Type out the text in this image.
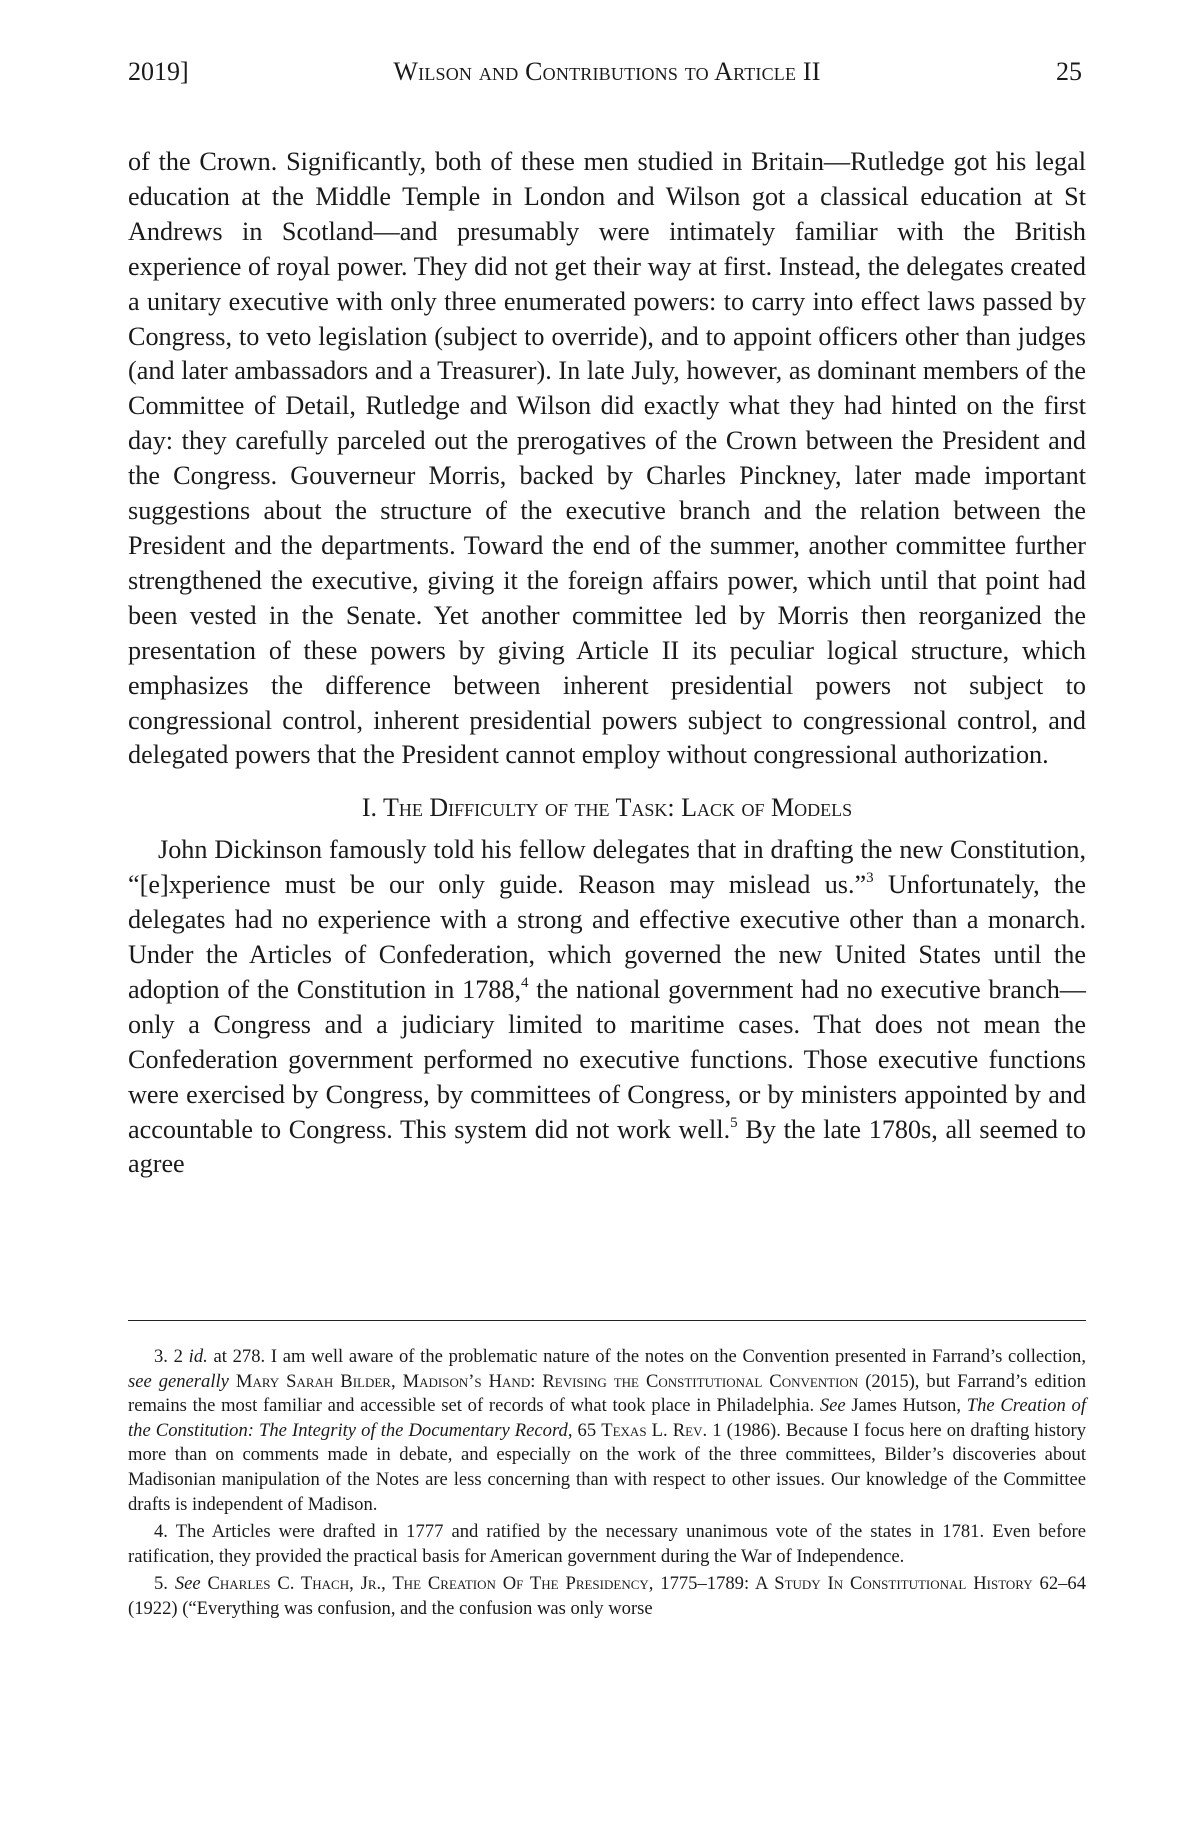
2019]	Wilson and Contributions to Article II	25

of the Crown. Significantly, both of these men studied in Britain—Rutledge got his legal education at the Middle Temple in London and Wilson got a classical education at St Andrews in Scotland—and presumably were intimately familiar with the British experience of royal power. They did not get their way at first. Instead, the delegates created a unitary executive with only three enumerated powers: to carry into effect laws passed by Congress, to veto legislation (subject to override), and to appoint officers other than judges (and later ambassadors and a Treasurer). In late July, however, as dominant members of the Committee of Detail, Rutledge and Wilson did exactly what they had hinted on the first day: they carefully parceled out the prerogatives of the Crown between the President and the Congress. Gouverneur Morris, backed by Charles Pinckney, later made important suggestions about the structure of the executive branch and the relation between the President and the departments. Toward the end of the summer, another committee further strengthened the executive, giving it the foreign affairs power, which until that point had been vested in the Senate. Yet another committee led by Morris then reorganized the presentation of these powers by giving Article II its peculiar logical structure, which emphasizes the difference between inherent presidential powers not subject to congressional control, inherent presidential powers subject to congressional control, and delegated powers that the President cannot employ without congressional authorization.

I. The Difficulty of the Task: Lack of Models

John Dickinson famously told his fellow delegates that in drafting the new Constitution, “[e]xperience must be our only guide. Reason may mislead us.”$^3$ Unfortunately, the delegates had no experience with a strong and effective executive other than a monarch. Under the Articles of Confederation, which governed the new United States until the adoption of the Constitution in 1788,$^4$ the national government had no executive branch—only a Congress and a judiciary limited to maritime cases. That does not mean the Confederation government performed no executive functions. Those executive functions were exercised by Congress, by committees of Congress, or by ministers appointed by and accountable to Congress. This system did not work well.$^5$ By the late 1780s, all seemed to agree

3. 2 id. at 278. I am well aware of the problematic nature of the notes on the Convention presented in Farrand’s collection, see generally Mary Sarah Bilder, Madison’s Hand: Revising the Constitutional Convention (2015), but Farrand’s edition remains the most familiar and accessible set of records of what took place in Philadelphia. See James Hutson, The Creation of the Constitution: The Integrity of the Documentary Record, 65 Texas L. Rev. 1 (1986). Because I focus here on drafting history more than on comments made in debate, and especially on the work of the three committees, Bilder’s discoveries about Madisonian manipulation of the Notes are less concerning than with respect to other issues. Our knowledge of the Committee drafts is independent of Madison.

4. The Articles were drafted in 1777 and ratified by the necessary unanimous vote of the states in 1781. Even before ratification, they provided the practical basis for American government during the War of Independence.

5. See Charles C. Thach, Jr., The Creation Of The Presidency, 1775–1789: A Study In Constitutional History 62–64 (1922) (“Everything was confusion, and the confusion was only worse
